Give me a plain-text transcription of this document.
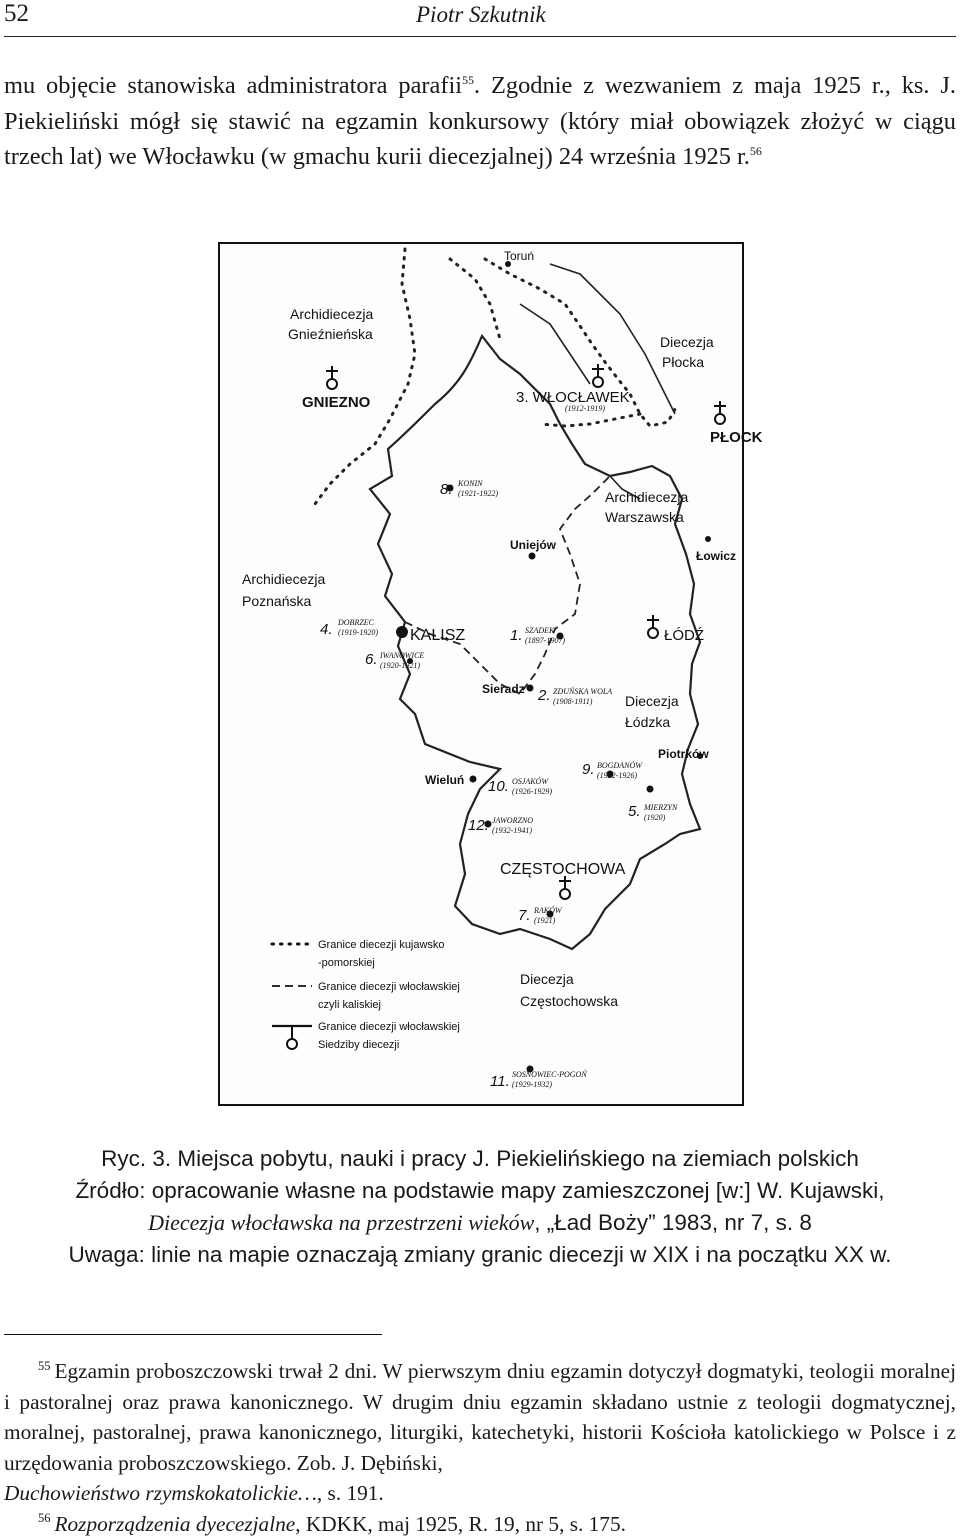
52	Piotr Szkutnik

mu objęcie stanowiska administratora parafii$^{55}$. Zgodnie z wezwaniem z maja 1925 r., ks. J. Piekieliński mógł się stawić na egzamin konkursowy (który miał obowiązek złożyć w ciągu trzech lat) we Włocławku (w gmachu kurii diecezjalnej) 24 września 1925 r.$^{56}$

Archidiecezja
Gnieźnieńska	Diecezja
Płocka
Archidiecezja
Warszawska
Archidiecezja
Poznańska
Diecezja
Łódzka
Diecezja
Częstochowska
Toruń
GNIEZNO	3. WŁOCŁAWEK
PŁOCK
Łowicz
Uniejów
KALISZ	ŁÓDŹ
Sieradz
Piotrków
Wieluń
CZĘSTOCHOWA
8. KONIN
(1921-1922)
(1912-1919)
4. DOBRZEC
(1919-1920)	1. SZADEK
(1897-1907)
6. IWANOWICE
(1920-1921)
2. ZDUŃSKA WOLA
(1908-1911)
9. BOGDANÓW
(1922-1926)
10. OSJAKÓW
(1926-1929)
5. MIERZYN
(1920)
12. JAWORZNO
(1932-1941)
7. RAKÓW
(1921)
11. SOSNOWIEC-POGOŃ
(1929-1932)
Granice diecezji kujawsko
-pomorskiej
Granice diecezji włocławskiej
czyli kaliskiej
Granice diecezji włocławskiej
Siedziby diecezji

Ryc. 3. Miejsca pobytu, nauki i pracy J. Piekielińskiego na ziemiach polskich

Źródło: opracowanie własne na podstawie mapy zamieszczonej [w:] W. Kujawski,

Diecezja włocławska na przestrzeni wieków, „Ład Boży” 1983, nr 7, s. 8

Uwaga: linie na mapie oznaczają zmiany granic diecezji w XIX i na początku XX w.

$^{55}$ Egzamin proboszczowski trwał 2 dni. W pierwszym dniu egzamin dotyczył dogmatyki, teologii moralnej i pastoralnej oraz prawa kanonicznego. W drugim dniu egzamin składano ustnie z teologii dogmatycznej, moralnej, pastoralnej, prawa kanonicznego, liturgiki, katechetyki, historii Kościoła katolickiego w Polsce i z urzędowania proboszczowskiego. Zob. J. Dębiński,
Duchowieństwo rzymskokatolickie…, s. 191.

$^{56}$ Rozporządzenia dyecezjalne, KDKK, maj 1925, R. 19, nr 5, s. 175.
